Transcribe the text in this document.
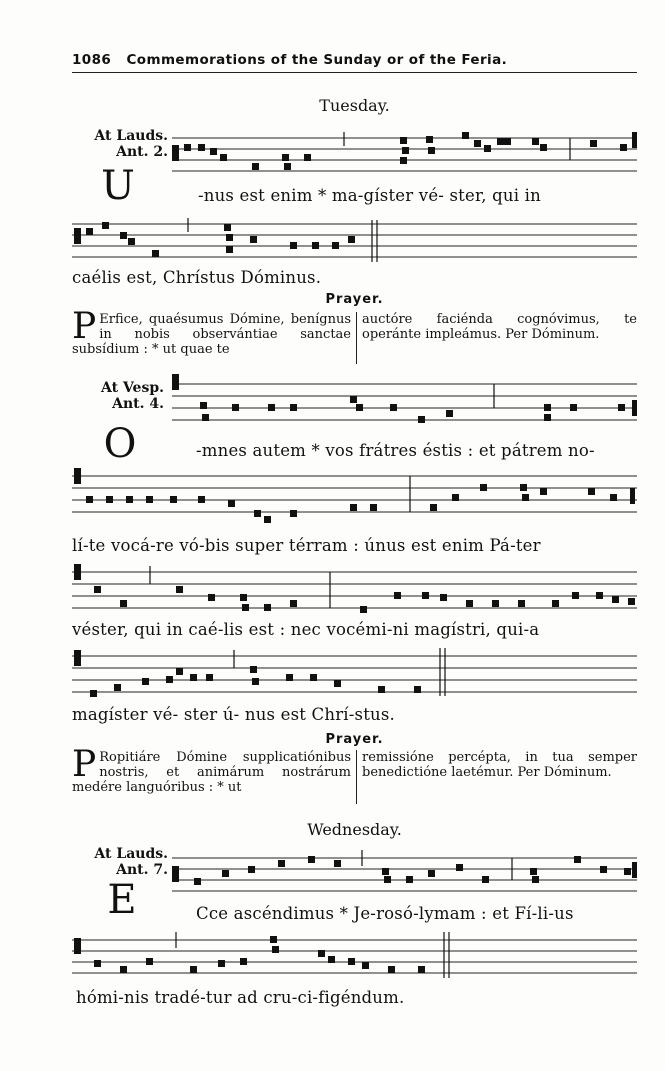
1086 Commemorations of the Sunday or of the Feria.
Tuesday.
At Lauds.
Ant. 2.
U	-nus est enim * ma-gíster vé- ster, qui in
caélis est, Chrístus Dóminus.
Prayer.
P Erfice, quaésumus Dómine, benígnus in nobis observántiae sanctae subsídium : * ut quae te
auctóre faciénda cognóvimus, te operánte impleámus. Per Dóminum.
At Vesp.
Ant. 4.
O	-mnes autem * vos frátres éstis : et pátrem no-
lí-te vocá-re vó-bis super térram : únus est enim Pá-ter
véster, qui in caé-lis est : nec vocémi-ni magístri, qui-a
magíster vé- ster ú- nus est Chrí-stus.
Prayer.
P Ropitiáre Dómine supplicatiónibus nostris, et animárum nostrárum medére languóribus : * ut
remissióne percépta, in tua semper benedictióne laetémur. Per Dóminum.
Wednesday.
At Lauds.
Ant. 7.
E	Cce ascéndimus * Je-rosó-lymam : et Fí-li-us
hómi-nis tradé-tur ad cru-ci-figéndum.
